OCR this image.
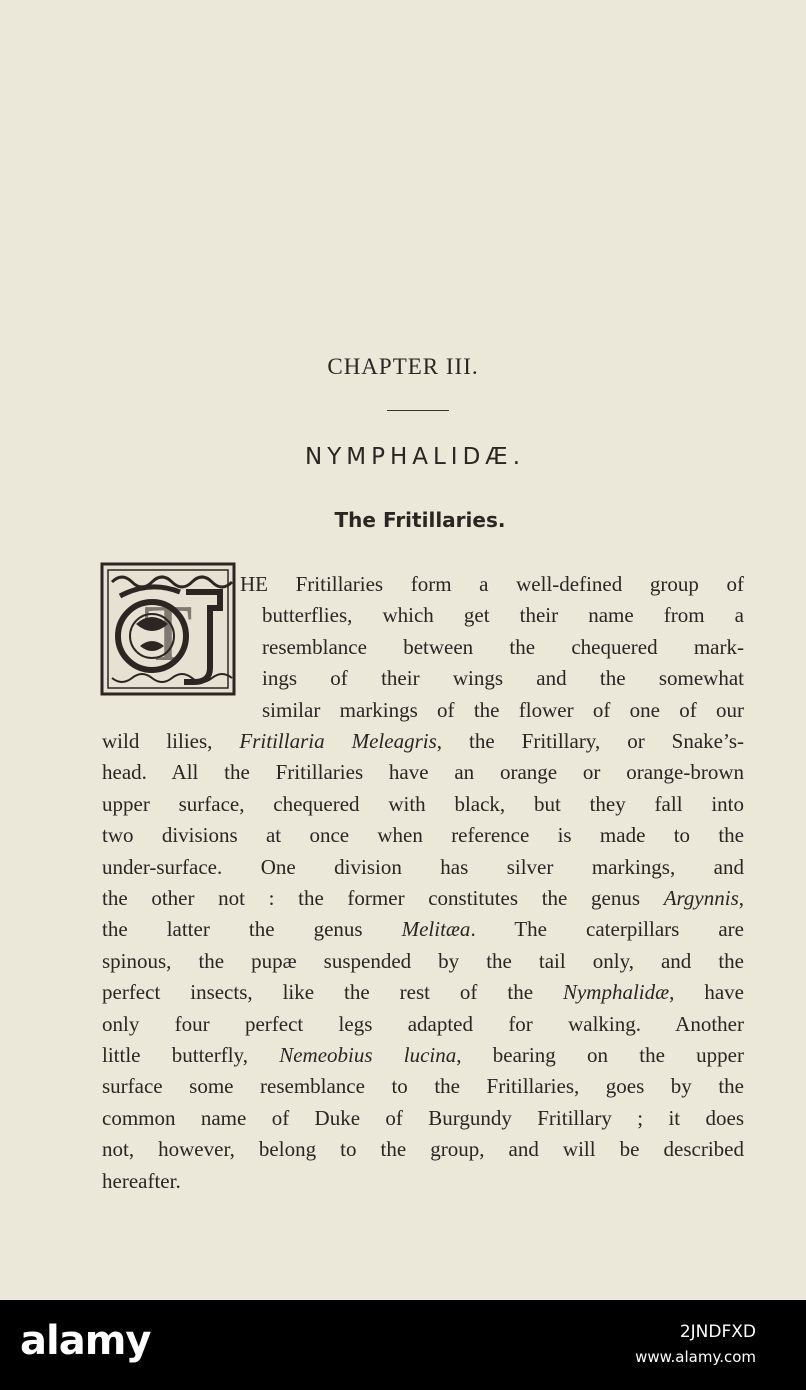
CHAPTER III.
NYMPHALIDÆ.
The Fritillaries.
T
HE Fritillaries form a well-defined group of
butterflies, which get their name from a
resemblance between the chequered mark-
ings of their wings and the somewhat
similar markings of the flower of one of our
wild lilies, Fritillaria Meleagris, the Fritillary, or Snake’s-
head. All the Fritillaries have an orange or orange-brown
upper surface, chequered with black, but they fall into
two divisions at once when reference is made to the
under-surface. One division has silver markings, and
the other not : the former constitutes the genus Argynnis,
the latter the genus Melitæa. The caterpillars are
spinous, the pupæ suspended by the tail only, and the
perfect insects, like the rest of the Nymphalidæ, have
only four perfect legs adapted for walking. Another
little butterfly, Nemeobius lucina, bearing on the upper
surface some resemblance to the Fritillaries, goes by the
common name of Duke of Burgundy Fritillary ; it does
not, however, belong to the group, and will be described
hereafter.
alamy	2JNDFXD
www.alamy.com
